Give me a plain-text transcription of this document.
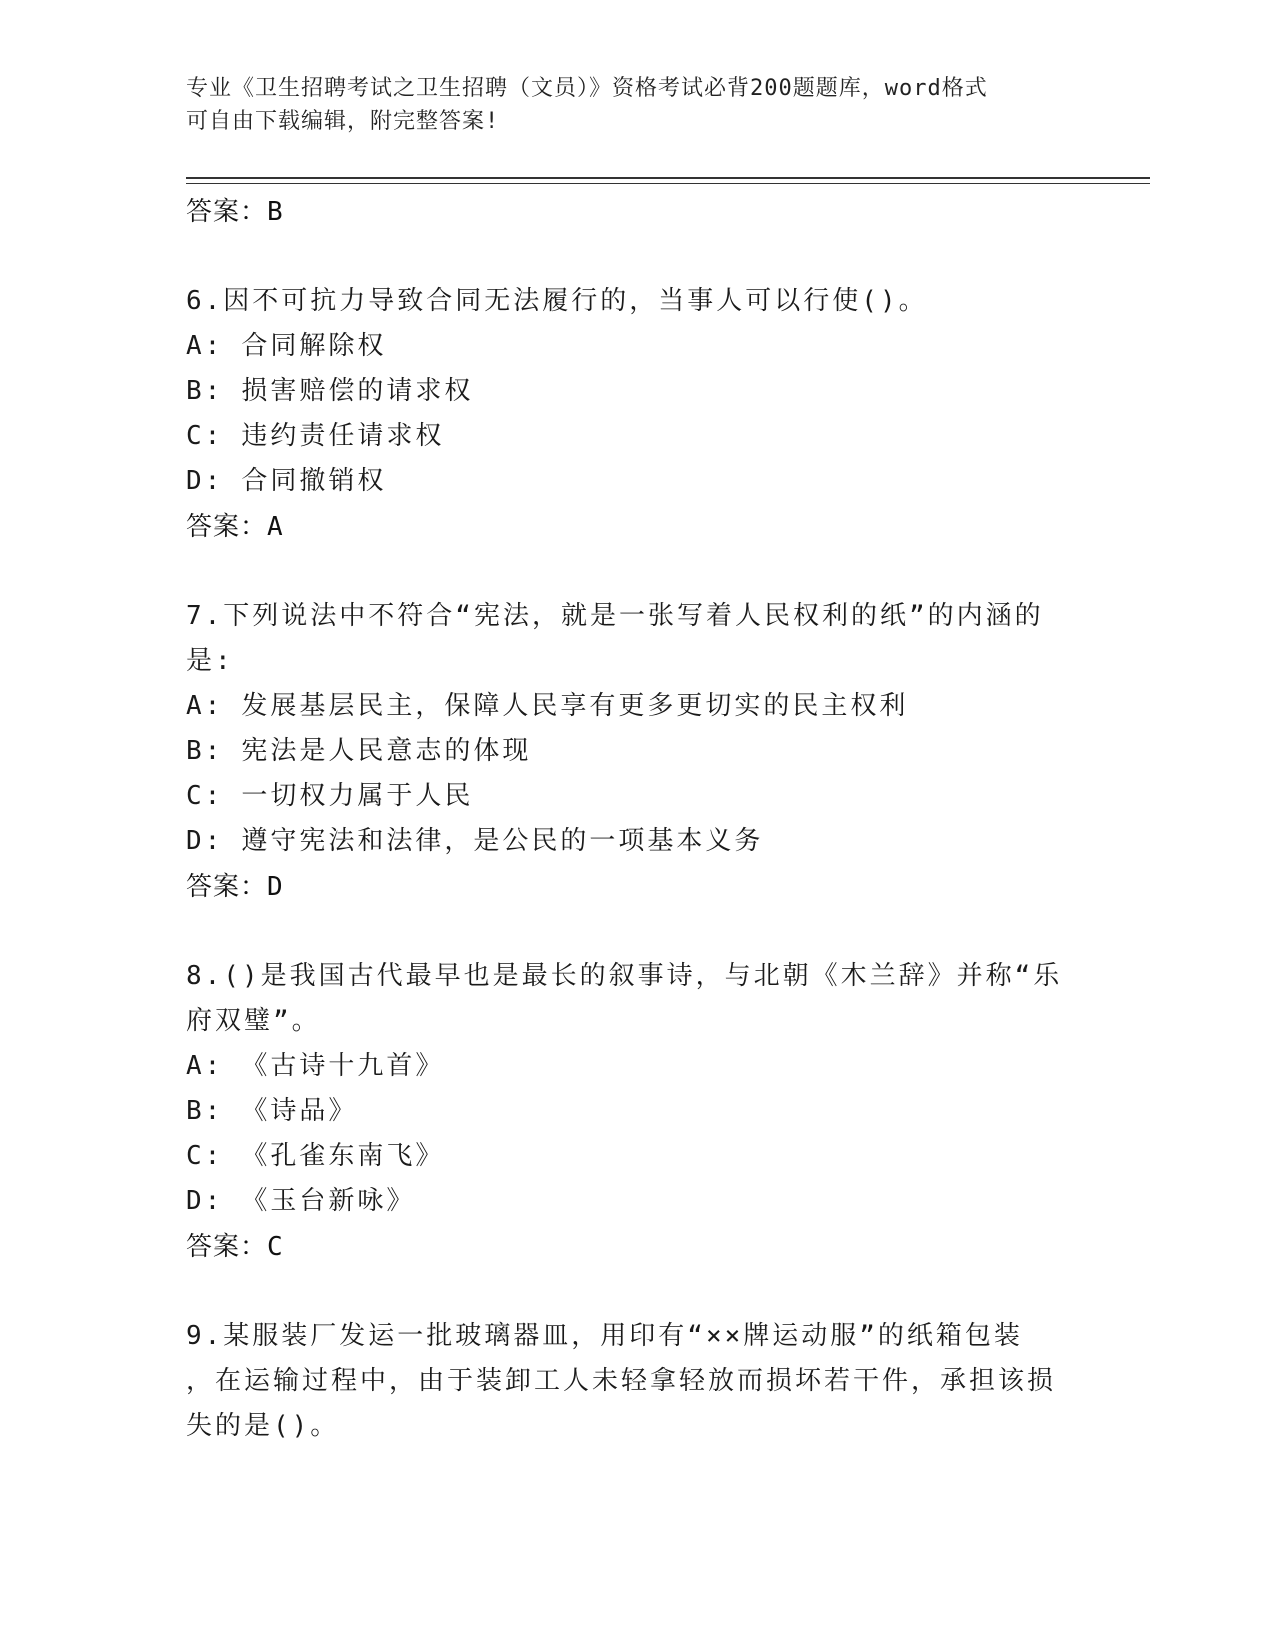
专业《卫生招聘考试之卫生招聘（文员）》资格考试必背200题题库，word格式
可自由下载编辑，附完整答案!
答案：B
6.因不可抗力导致合同无法履行的，当事人可以行使()。
A: 合同解除权
B: 损害赔偿的请求权
C: 违约责任请求权
D: 合同撤销权
答案：A
7.下列说法中不符合“宪法，就是一张写着人民权利的纸”的内涵的
是:
A: 发展基层民主，保障人民享有更多更切实的民主权利
B: 宪法是人民意志的体现
C: 一切权力属于人民
D: 遵守宪法和法律，是公民的一项基本义务
答案：D
8.()是我国古代最早也是最长的叙事诗，与北朝《木兰辞》并称“乐
府双璧”。
A: 《古诗十九首》
B: 《诗品》
C: 《孔雀东南飞》
D: 《玉台新咏》
答案：C
9.某服装厂发运一批玻璃器皿，用印有“××牌运动服”的纸箱包装
，在运输过程中，由于装卸工人未轻拿轻放而损坏若干件，承担该损
失的是()。
